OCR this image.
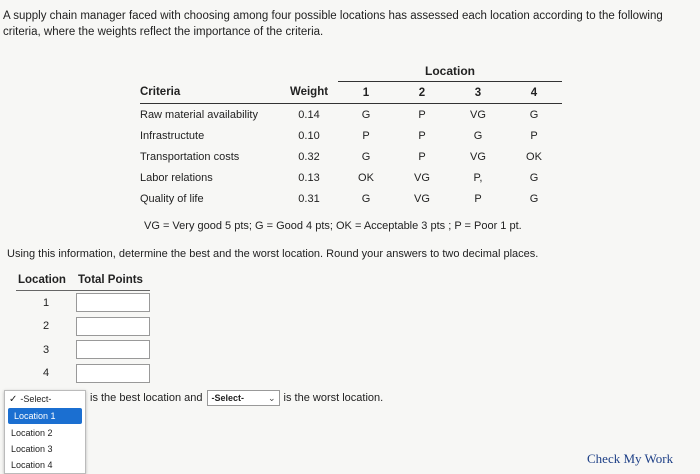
A supply chain manager faced with choosing among four possible locations has assessed each location according to the following criteria, where the weights reflect the importance of the criteria.
		Location			
Criteria	Weight	1	2	3	4
Raw material availability	0.14	G	P	VG	G
Infrastructute	0.10	P	P	G	P
Transportation costs	0.32	G	P	VG	OK
Labor relations	0.13	OK	VG	P,	G
Quality of life	0.31	G	VG	P	G
VG = Very good 5 pts; G = Good 4 pts; OK = Acceptable 3 pts ; P = Poor 1 pt.
Using this information, determine the best and the worst location. Round your answers to two decimal places.
Location	Total Points
1	

2	

3	

4	
✓ -Select-
Location 1
Location 2
Location 3
Location 4
is the best location and -Select-	⌄ is the worst location.
Check My Work
